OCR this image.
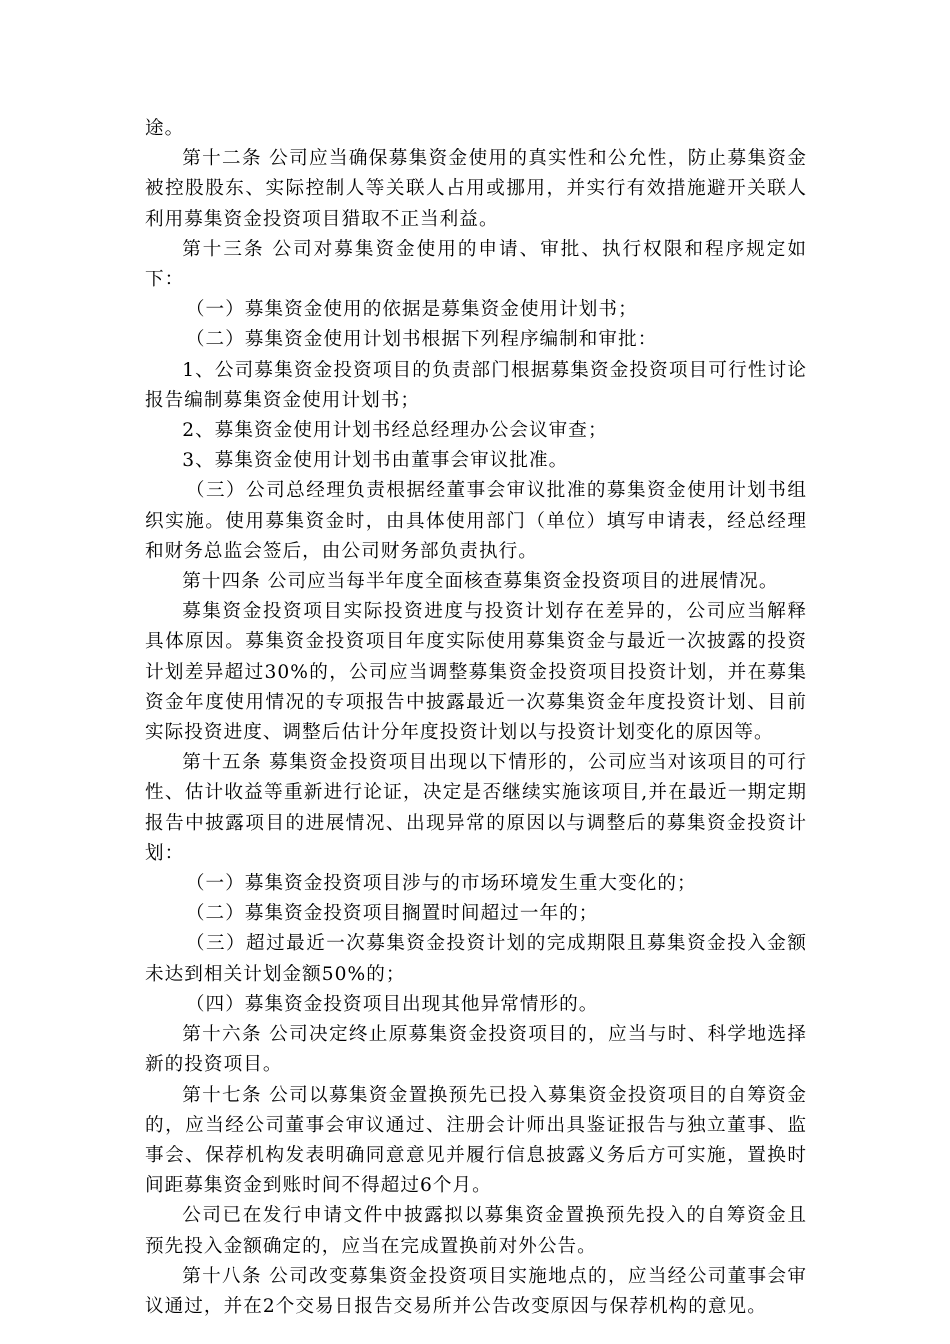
途。

第十二条 公司应当确保募集资金使用的真实性和公允性，防止募集资金被控股股东、实际控制人等关联人占用或挪用，并实行有效措施避开关联人利用募集资金投资项目猎取不正当利益。

第十三条 公司对募集资金使用的申请、审批、执行权限和程序规定如下：

（一）募集资金使用的依据是募集资金使用计划书；

（二）募集资金使用计划书根据下列程序编制和审批：

1、公司募集资金投资项目的负责部门根据募集资金投资项目可行性讨论报告编制募集资金使用计划书；

2、募集资金使用计划书经总经理办公会议审查；

3、募集资金使用计划书由董事会审议批准。

（三）公司总经理负责根据经董事会审议批准的募集资金使用计划书组织实施。使用募集资金时，由具体使用部门（单位）填写申请表，经总经理和财务总监会签后，由公司财务部负责执行。

第十四条 公司应当每半年度全面核查募集资金投资项目的进展情况。

募集资金投资项目实际投资进度与投资计划存在差异的，公司应当解释具体原因。募集资金投资项目年度实际使用募集资金与最近一次披露的投资计划差异超过30%的，公司应当调整募集资金投资项目投资计划，并在募集资金年度使用情况的专项报告中披露最近一次募集资金年度投资计划、目前实际投资进度、调整后估计分年度投资计划以与投资计划变化的原因等。

第十五条 募集资金投资项目出现以下情形的，公司应当对该项目的可行性、估计收益等重新进行论证，决定是否继续实施该项目,并在最近一期定期报告中披露项目的进展情况、出现异常的原因以与调整后的募集资金投资计划：

（一）募集资金投资项目涉与的市场环境发生重大变化的；

（二）募集资金投资项目搁置时间超过一年的；

（三）超过最近一次募集资金投资计划的完成期限且募集资金投入金额未达到相关计划金额50%的；

（四）募集资金投资项目出现其他异常情形的。

第十六条 公司决定终止原募集资金投资项目的，应当与时、科学地选择新的投资项目。

第十七条 公司以募集资金置换预先已投入募集资金投资项目的自筹资金的，应当经公司董事会审议通过、注册会计师出具鉴证报告与独立董事、监事会、保荐机构发表明确同意意见并履行信息披露义务后方可实施，置换时间距募集资金到账时间不得超过6个月。

公司已在发行申请文件中披露拟以募集资金置换预先投入的自筹资金且预先投入金额确定的，应当在完成置换前对外公告。

第十八条 公司改变募集资金投资项目实施地点的，应当经公司董事会审议通过，并在2个交易日报告交易所并公告改变原因与保荐机构的意见。
